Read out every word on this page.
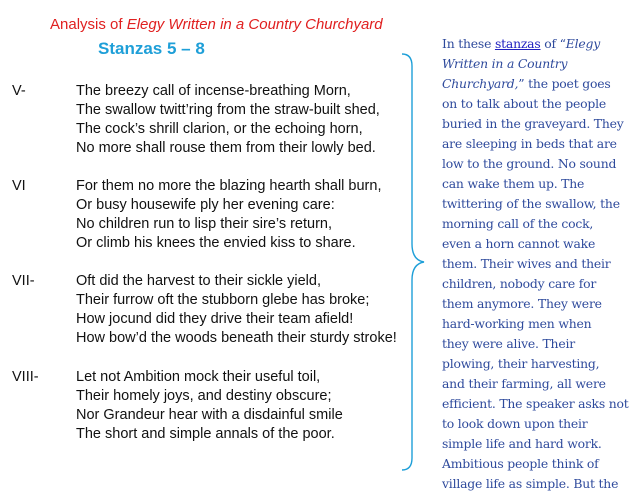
Analysis of Elegy Written in a Country Churchyard
Stanzas 5 – 8
V-	The breezy call of incense-breathing Morn,
The swallow twitt’ring from the straw-built shed,
The cock’s shrill clarion, or the echoing horn,
No more shall rouse them from their lowly bed.
VI	For them no more the blazing hearth shall burn,
Or busy housewife ply her evening care:
No children run to lisp their sire’s return,
Or climb his knees the envied kiss to share.
VII-	Oft did the harvest to their sickle yield,
Their furrow oft the stubborn glebe has broke;
How jocund did they drive their team afield!
How bow’d the woods beneath their sturdy stroke!
VIII-	Let not Ambition mock their useful toil,
Their homely joys, and destiny obscure;
Nor Grandeur hear with a disdainful smile
The short and simple annals of the poor.
In these stanzas of “Elegy
Written in a Country
Churchyard,” the poet goes
on to talk about the people
buried in the graveyard. They
are sleeping in beds that are
low to the ground. No sound
can wake them up. The
twittering of the swallow, the
morning call of the cock,
even a horn cannot wake
them. Their wives and their
children, nobody care for
them anymore. They were
hard-working men when
they were alive. Their
plowing, their harvesting,
and their farming, all were
efficient. The speaker asks not
to look down upon their
simple life and hard work.
Ambitious people think of
village life as simple. But the
